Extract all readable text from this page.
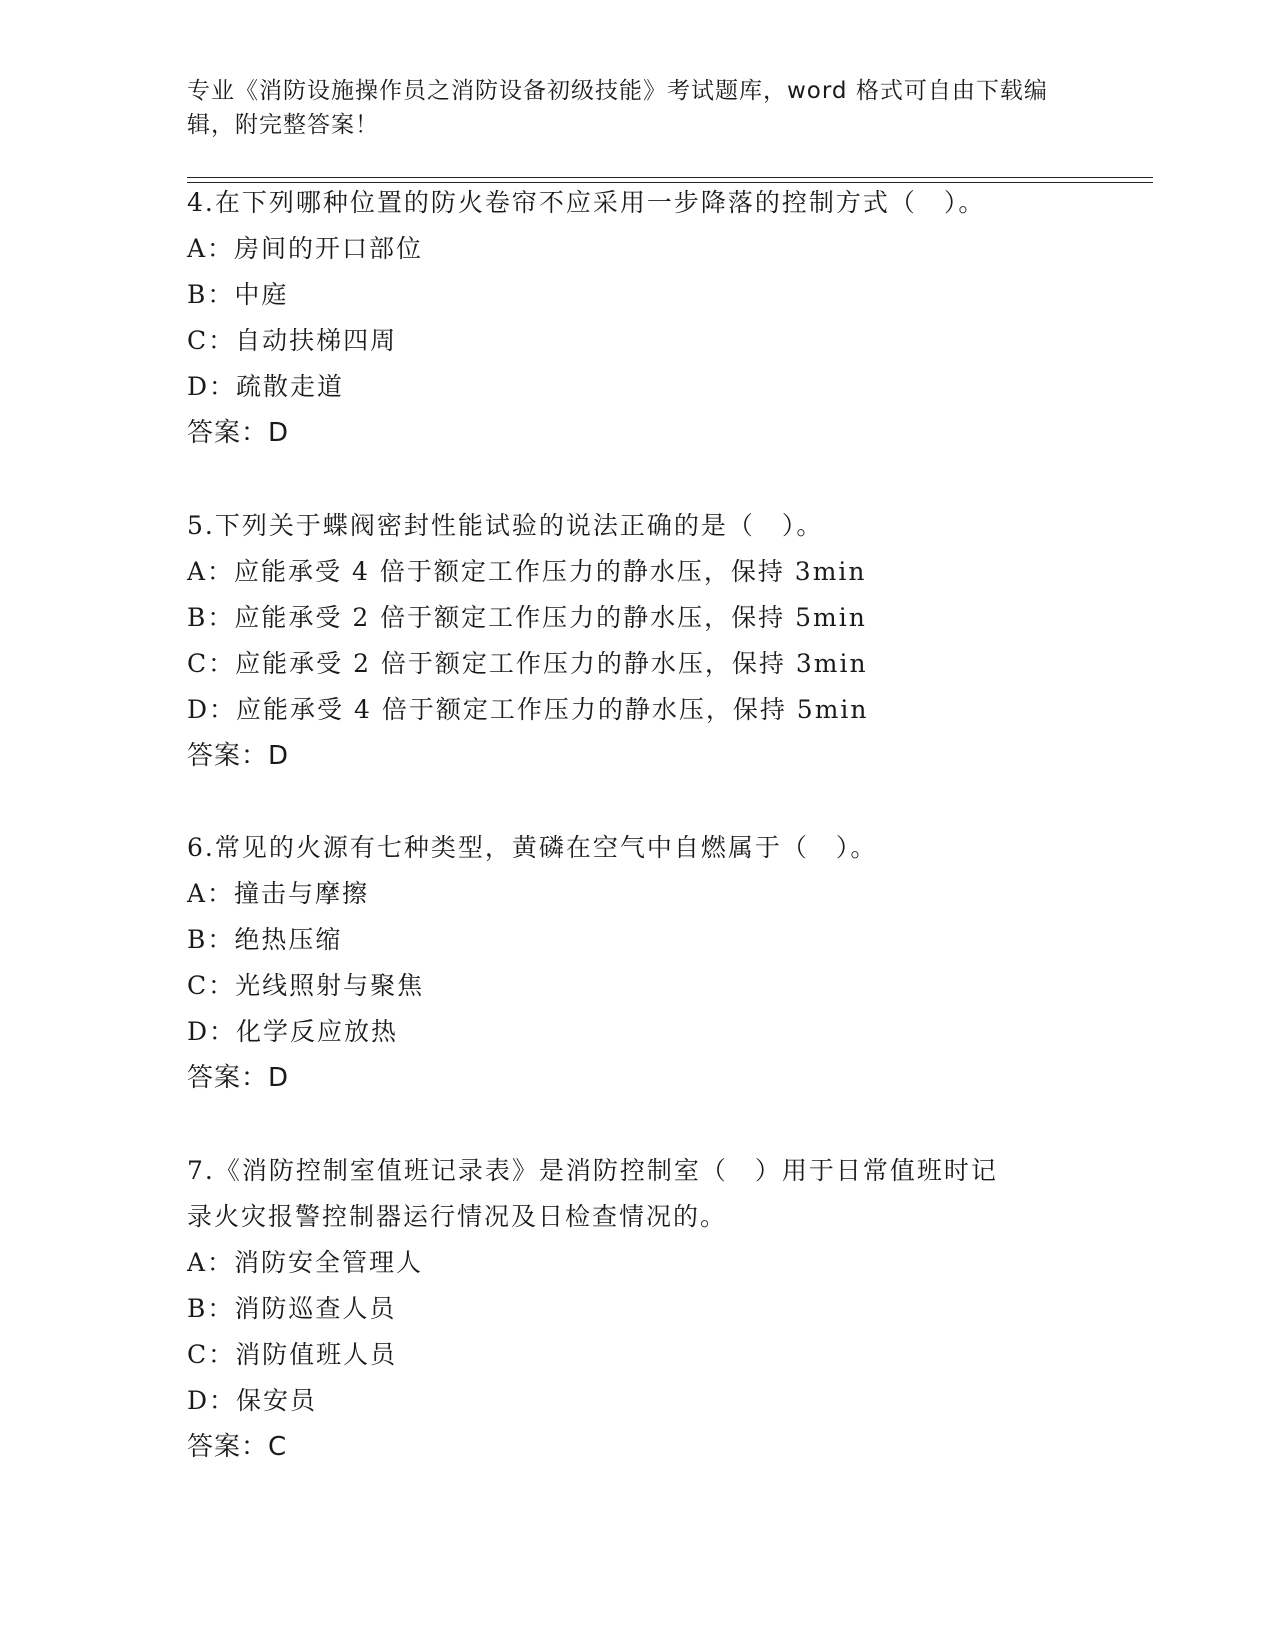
专业《消防设施操作员之消防设备初级技能》考试题库，word 格式可自由下载编
辑，附完整答案！
4.在下列哪种位置的防火卷帘不应采用一步降落的控制方式（　）。
A：房间的开口部位
B：中庭
C：自动扶梯四周
D：疏散走道
答案：D
5.下列关于蝶阀密封性能试验的说法正确的是（　）。
A：应能承受 4 倍于额定工作压力的静水压，保持 3min
B：应能承受 2 倍于额定工作压力的静水压，保持 5min
C：应能承受 2 倍于额定工作压力的静水压，保持 3min
D：应能承受 4 倍于额定工作压力的静水压，保持 5min
答案：D
6.常见的火源有七种类型，黄磷在空气中自燃属于（　）。
A：撞击与摩擦
B：绝热压缩
C：光线照射与聚焦
D：化学反应放热
答案：D
7.《消防控制室值班记录表》是消防控制室（　）用于日常值班时记
录火灾报警控制器运行情况及日检查情况的。
A：消防安全管理人
B：消防巡查人员
C：消防值班人员
D：保安员
答案：C
